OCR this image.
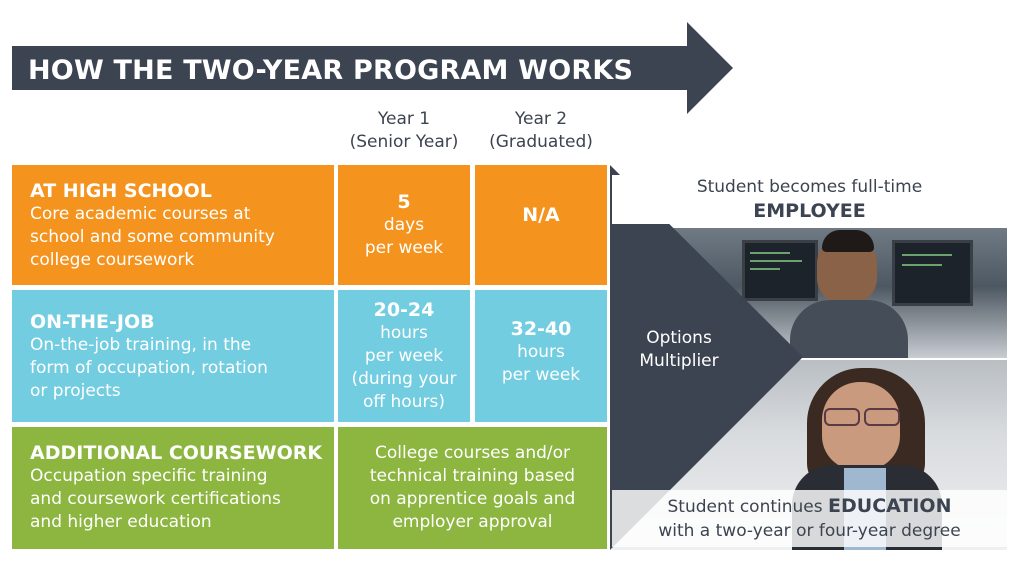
HOW THE TWO-YEAR PROGRAM WORKS
Year 1
(Senior Year)
Year 2
(Graduated)
AT HIGH SCHOOL
Core academic courses at
school and some community
college coursework
5
days
per week
N/A
ON-THE-JOB
On-the-job training, in the
form of occupation, rotation
or projects
20-24
hours
per week
(during your
off hours)
32-40
hours
per week
ADDITIONAL COURSEWORK
Occupation specific training
and coursework certifications
and higher education
College courses and/or
technical training based
on apprentice goals and
employer approval
Options
Multiplier
Student becomes full-time
EMPLOYEE
Student continues EDUCATION
with a two-year or four-year degree
